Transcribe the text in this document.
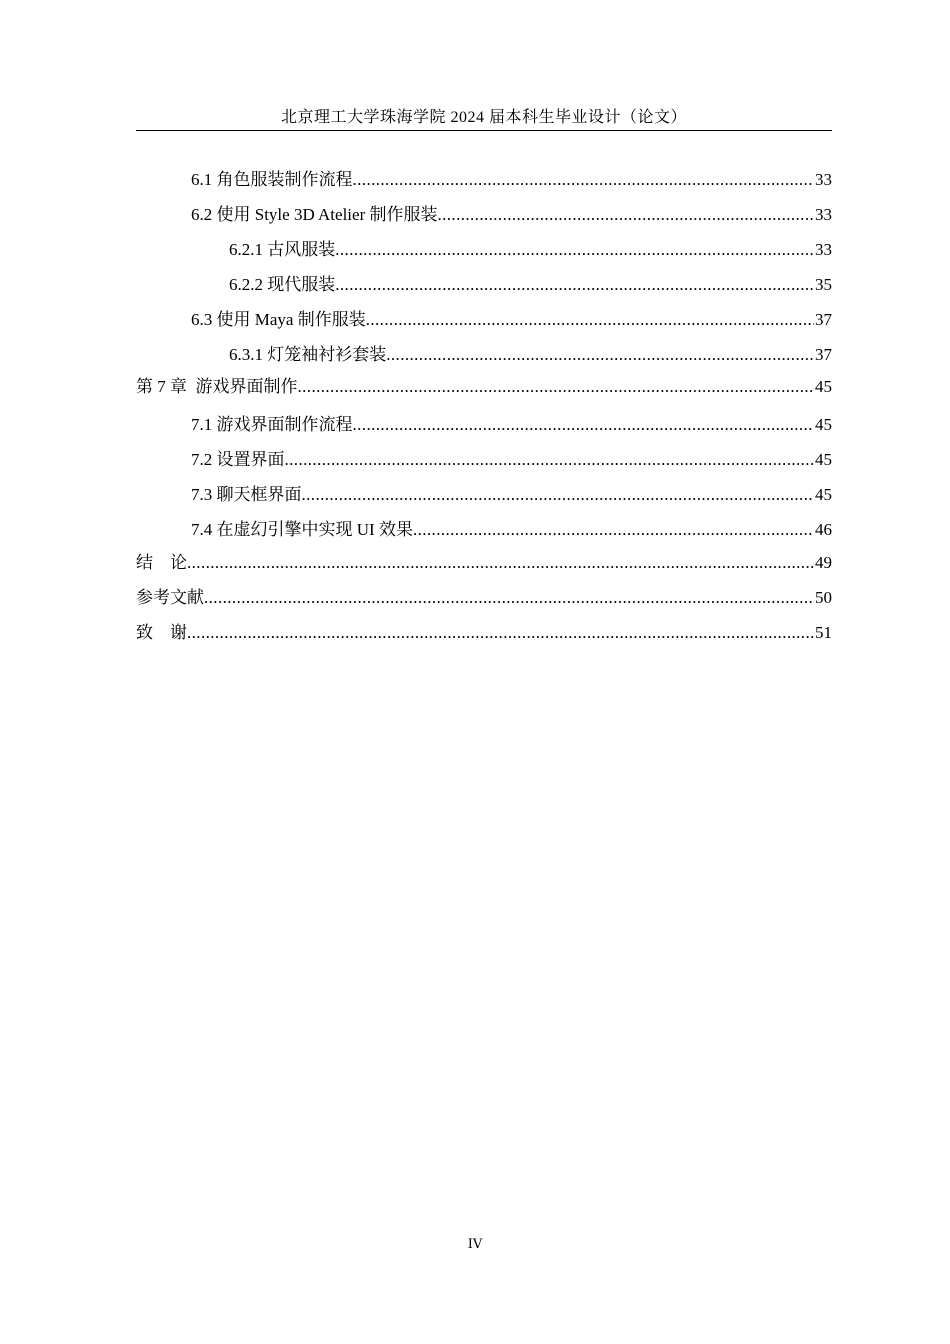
北京理工大学珠海学院 2024 届本科生毕业设计（论文）
6.1 角色服装制作流程 .....	33
6.2 使用 Style 3D Atelier 制作服装 .....	33
6.2.1 古风服装 .....	33
6.2.2 现代服装 .....	35
6.3 使用 Maya 制作服装 .....	37
6.3.1 灯笼袖衬衫套装 .....	37
第 7 章  游戏界面制作 .....	45
7.1 游戏界面制作流程 .....	45
7.2 设置界面 .....	45
7.3 聊天框界面 .....	45
7.4 在虚幻引擎中实现 UI 效果 .....	46
结    论 .....	49
参考文献 .....	50
致    谢 .....	51
IV
